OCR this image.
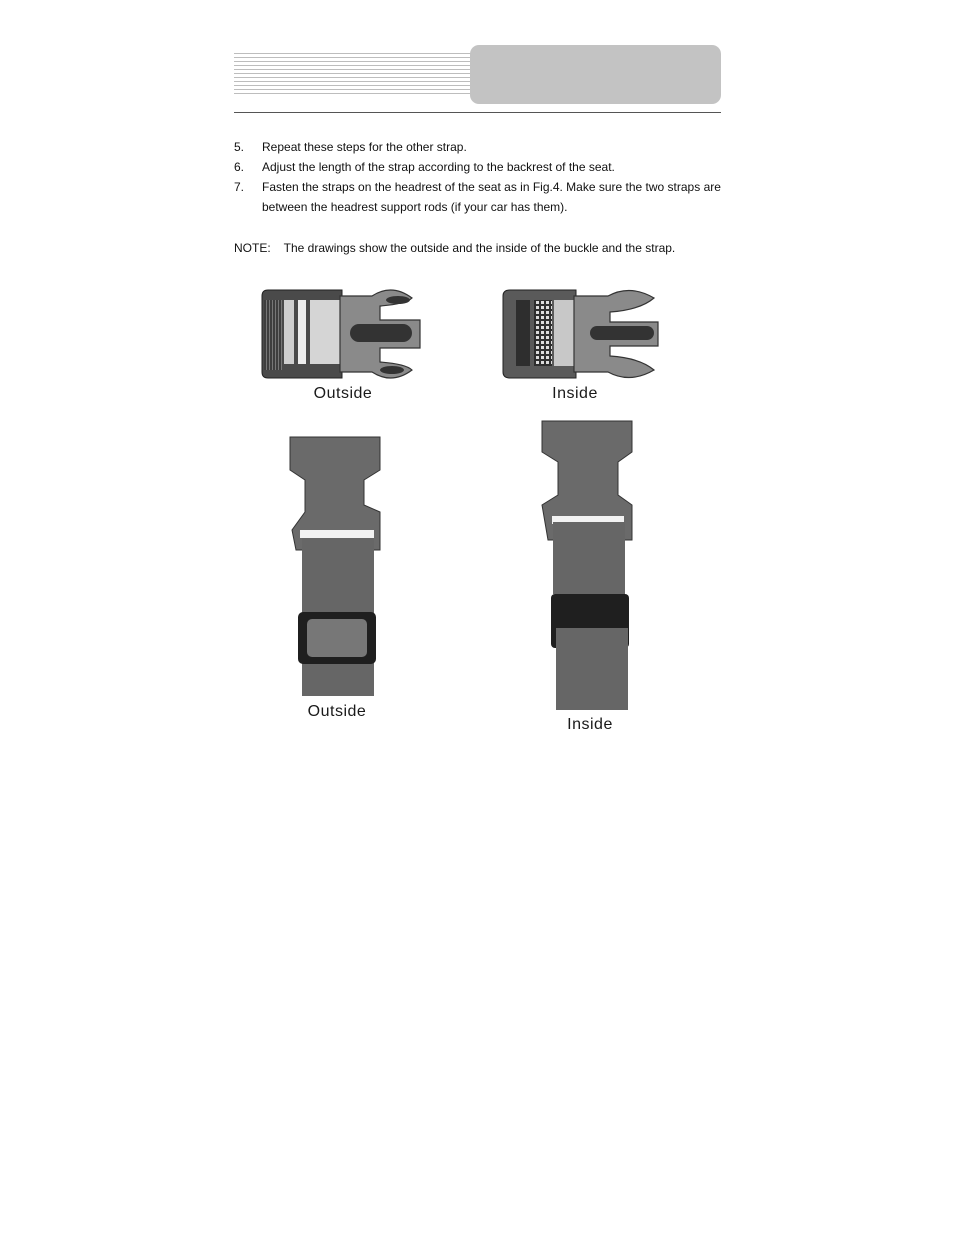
5. Repeat these steps for the other strap.
6. Adjust the length of the strap according to the backrest of the seat.
7. Fasten the straps on the headrest of the seat as in Fig.4. Make sure the two straps are between the headrest support rods (if your car has them).
NOTE: The drawings show the outside and the inside of the buckle and the strap.
Outside	Inside
Outside
Inside
